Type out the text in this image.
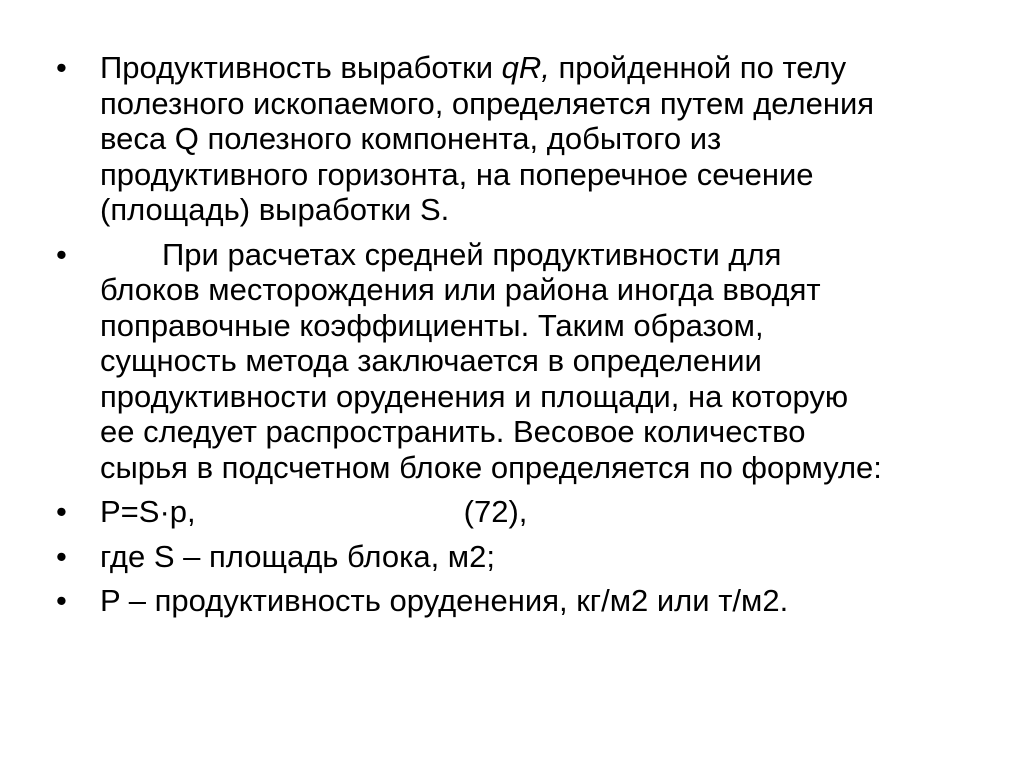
•	Продуктивность выработки qR, пройденной по телу
полезного ископаемого, определяется путем деления
веса Q полезного компонента, добытого из
продуктивного горизонта, на поперечное сечение
(площадь) выработки S.
•	При расчетах средней продуктивности для
блоков месторождения или района иногда вводят
поправочные коэффициенты. Таким образом,
сущность метода заключается в определении
продуктивности оруденения и площади, на которую
ее следует распространить. Весовое количество
сырья в подсчетном блоке определяется по формуле:
•	P=S·p,	(72),
•	где S – площадь блока, м2;
•	P – продуктивность оруденения, кг/м2 или т/м2.
